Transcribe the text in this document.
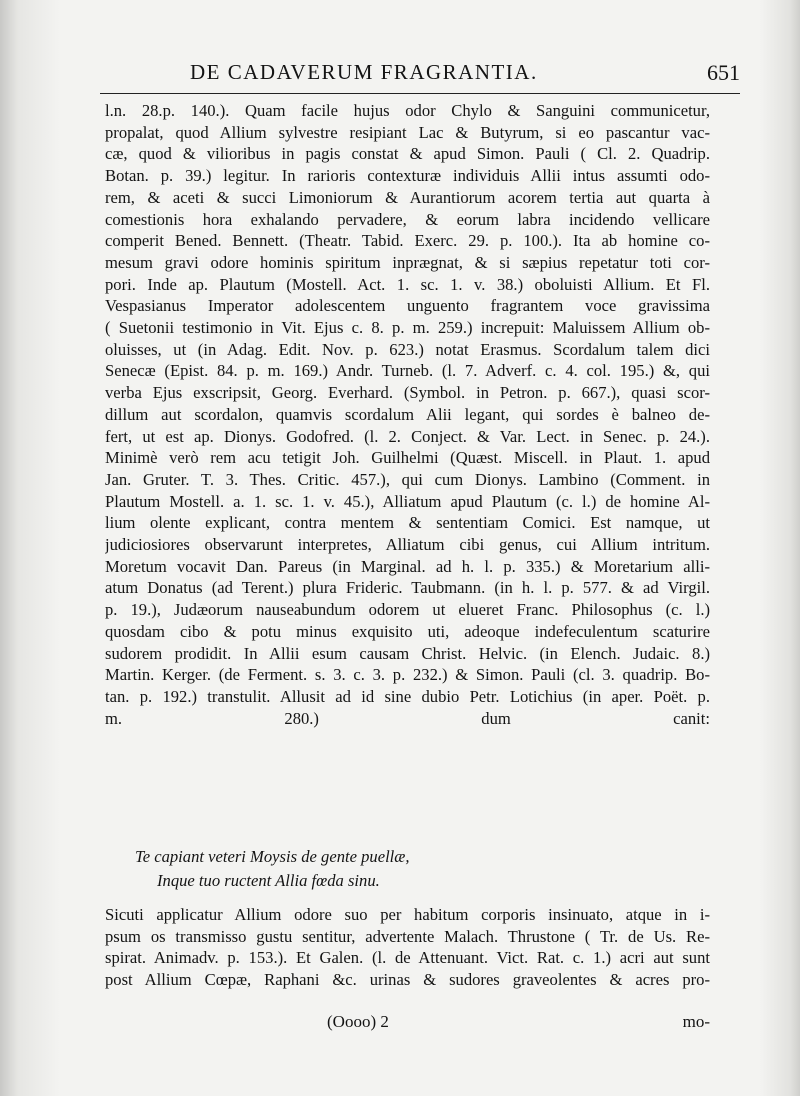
DE CADAVERUM FRAGRANTIA.	651
l.n. 28.p. 140.). Quam facile hujus odor Chylo & Sanguini communicetur,
propalat, quod Allium sylvestre resipiant Lac & Butyrum, si eo pascantur vac-
cæ, quod & vilioribus in pagis constat & apud Simon. Pauli ( Cl. 2. Quadrip.
Botan. p. 39.) legitur. In rarioris contexturæ individuis Allii intus assumti odo-
rem, & aceti & succi Limoniorum & Aurantiorum acorem tertia aut quarta à
comestionis hora exhalando pervadere, & eorum labra incidendo vellicare
comperit Bened. Bennett. (Theatr. Tabid. Exerc. 29. p. 100.). Ita ab homine co-
mesum gravi odore hominis spiritum inprægnat, & si sæpius repetatur toti cor-
pori. Inde ap. Plautum (Mostell. Act. 1. sc. 1. v. 38.) oboluisti Allium. Et Fl.
Vespasianus Imperator adolescentem unguento fragrantem voce gravissima
( Suetonii testimonio in Vit. Ejus c. 8. p. m. 259.) increpuit: Maluissem Allium ob-
oluisses, ut (in Adag. Edit. Nov. p. 623.) notat Erasmus. Scordalum talem dici
Senecæ (Epist. 84. p. m. 169.) Andr. Turneb. (l. 7. Adverf. c. 4. col. 195.) &, qui
verba Ejus exscripsit, Georg. Everhard. (Symbol. in Petron. p. 667.), quasi scor-
dillum aut scordalon, quamvis scordalum Alii legant, qui sordes è balneo de-
fert, ut est ap. Dionys. Godofred. (l. 2. Conject. & Var. Lect. in Senec. p. 24.).
Minimè verò rem acu tetigit Joh. Guilhelmi (Quæst. Miscell. in Plaut. 1. apud
Jan. Gruter. T. 3. Thes. Critic. 457.), qui cum Dionys. Lambino (Comment. in
Plautum Mostell. a. 1. sc. 1. v. 45.), Alliatum apud Plautum (c. l.) de homine Al-
lium olente explicant, contra mentem & sententiam Comici. Est namque, ut
judiciosiores observarunt interpretes, Alliatum cibi genus, cui Allium intritum.
Moretum vocavit Dan. Pareus (in Marginal. ad h. l. p. 335.) & Moretarium alli-
atum Donatus (ad Terent.) plura Frideric. Taubmann. (in h. l. p. 577. & ad Virgil.
p. 19.), Judæorum nauseabundum odorem ut elueret Franc. Philosophus (c. l.)
quosdam cibo & potu minus exquisito uti, adeoque indefeculentum scaturire
sudorem prodidit. In Allii esum causam Christ. Helvic. (in Elench. Judaic. 8.)
Martin. Kerger. (de Ferment. s. 3. c. 3. p. 232.) & Simon. Pauli (cl. 3. quadrip. Bo-
tan. p. 192.) transtulit. Allusit ad id sine dubio Petr. Lotichius (in aper. Poët. p.
m. 280.) dum canit:
Te capiant veteri Moysis de gente puellæ,
Inque tuo ructent Allia fœda sinu.
Sicuti applicatur Allium odore suo per habitum corporis insinuato, atque in i-
psum os transmisso gustu sentitur, advertente Malach. Thrustone ( Tr. de Us. Re-
spirat. Animadv. p. 153.). Et Galen. (l. de Attenuant. Vict. Rat. c. 1.) acri aut sunt
post Allium Cœpæ, Raphani &c. urinas & sudores graveolentes & acres pro-
(Oooo) 2	mo-
